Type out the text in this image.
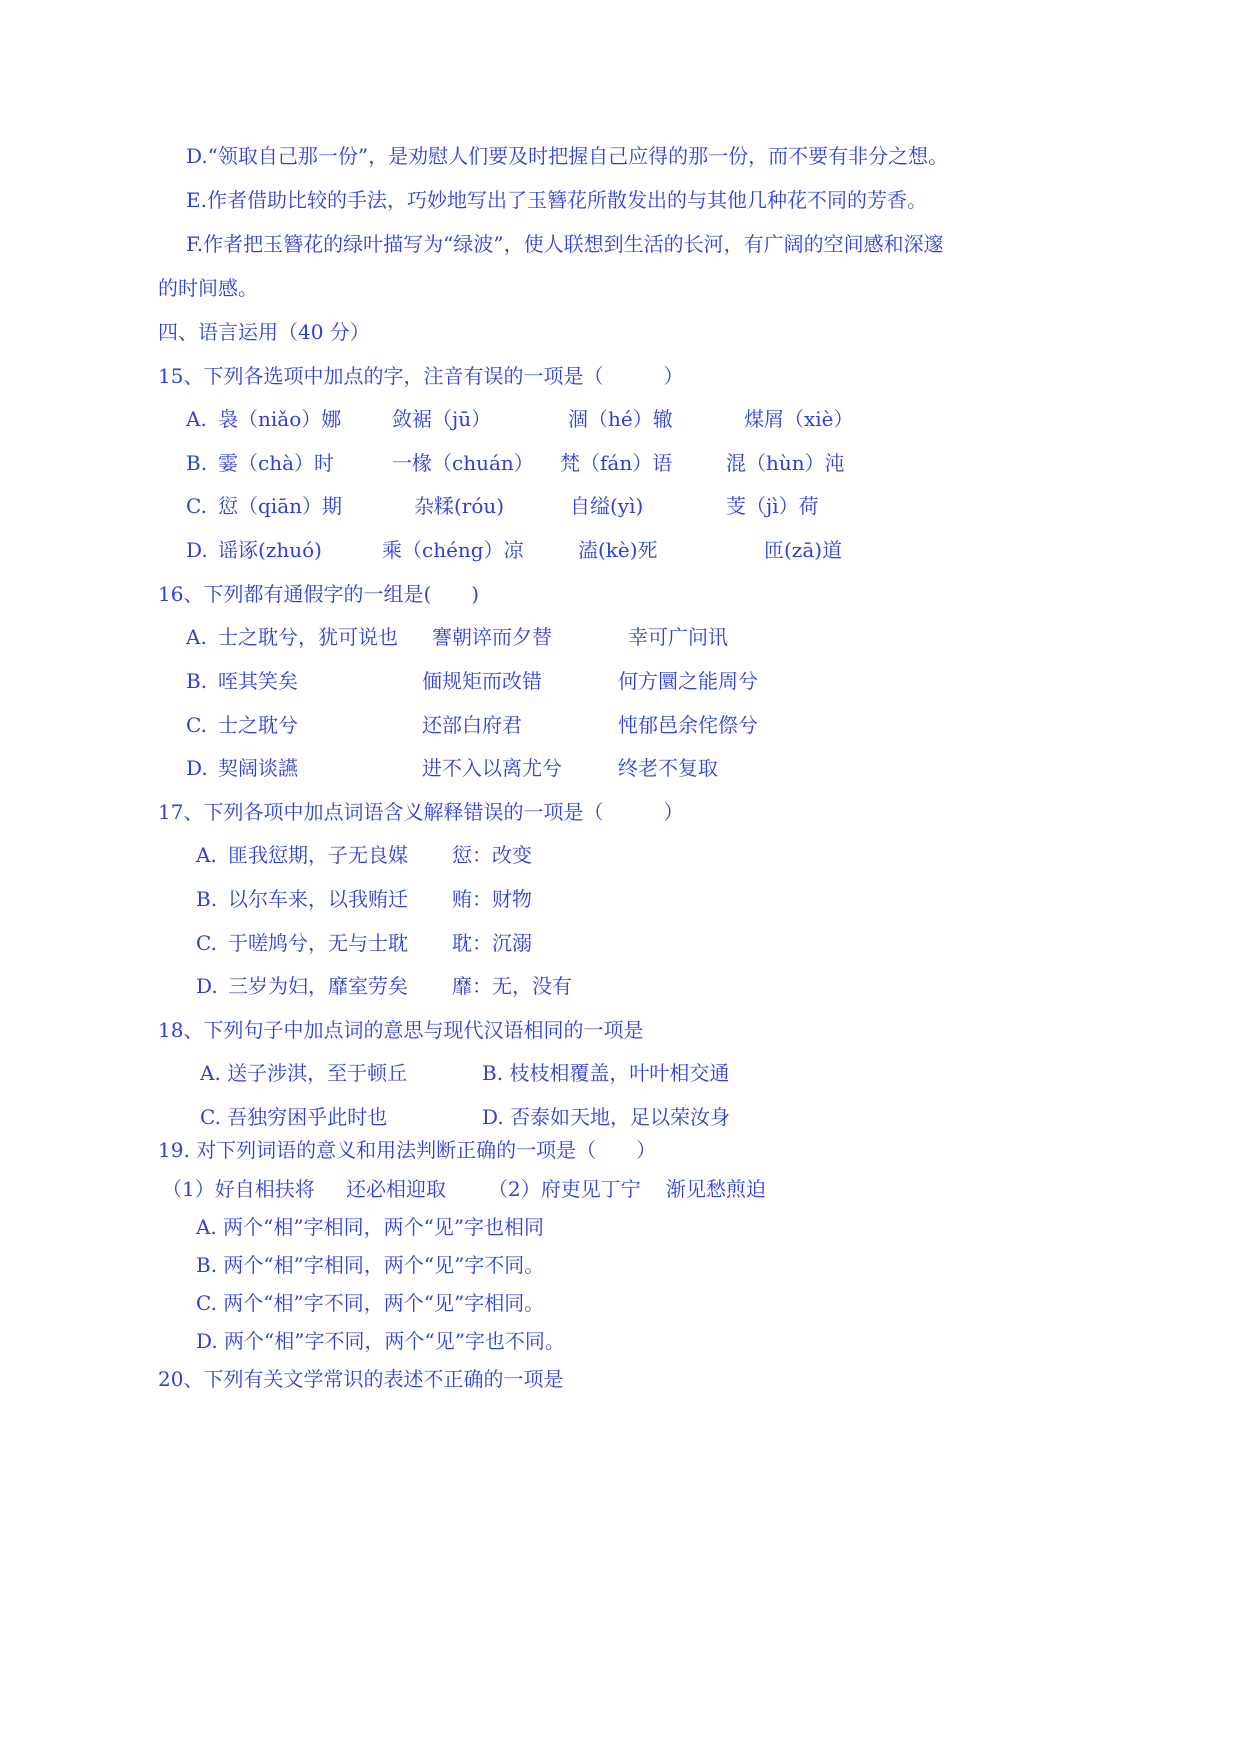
D.“领取自己那一份”，是劝慰人们要及时把握自己应得的那一份，而不要有非分之想。
E.作者借助比较的手法，巧妙地写出了玉簪花所散发出的与其他几种花不同的芳香。
F.作者把玉簪花的绿叶描写为“绿波”，使人联想到生活的长河，有广阔的空间感和深邃
的时间感。
四、语言运用（40 分）
15、下列各选项中加点的字，注音有误的一项是（　　　）
A. 袅（niǎo）娜	敛裾（jū）	涸（hé）辙	煤屑（xiè）
B. 霎（chà）时	一椽（chuán） 梵（fán）语	混（hùn）沌
C. 愆（qiān）期	杂糅(róu)	自缢(yì)	芰（jì）荷
D. 谣诼(zhuó)	乘（chéng）凉	溘(kè)死	匝(zā)道
16、下列都有通假字的一组是(　　)
A. 士之耽兮，犹可说也 謇朝谇而夕替	幸可广问讯
B. 咥其笑矣	偭规矩而改错	何方圜之能周兮
C. 士之耽兮	还部白府君	忳郁邑余侘傺兮
D. 契阔谈讌	进不入以离尤兮	终老不复取
17、下列各项中加点词语含义解释错误的一项是（　　　）
A. 匪我愆期，子无良媒 愆：改变
B. 以尔车来，以我贿迁 贿：财物
C. 于嗟鸠兮，无与士耽 耽：沉溺
D. 三岁为妇，靡室劳矣 靡：无，没有
18、下列句子中加点词的意思与现代汉语相同的一项是
A. 送子涉淇，至于顿丘	B. 枝枝相覆盖，叶叶相交通
C. 吾独穷困乎此时也	D. 否泰如天地，足以荣汝身
19. 对下列词语的意义和用法判断正确的一项是（　　）
（1）好自相扶将 还必相迎取 （2）府吏见丁宁 渐见愁煎迫
A. 两个“相”字相同，两个“见”字也相同
B. 两个“相”字相同，两个“见”字不同。
C. 两个“相”字不同，两个“见”字相同。
D. 两个“相”字不同，两个“见”字也不同。
20、下列有关文学常识的表述不正确的一项是
